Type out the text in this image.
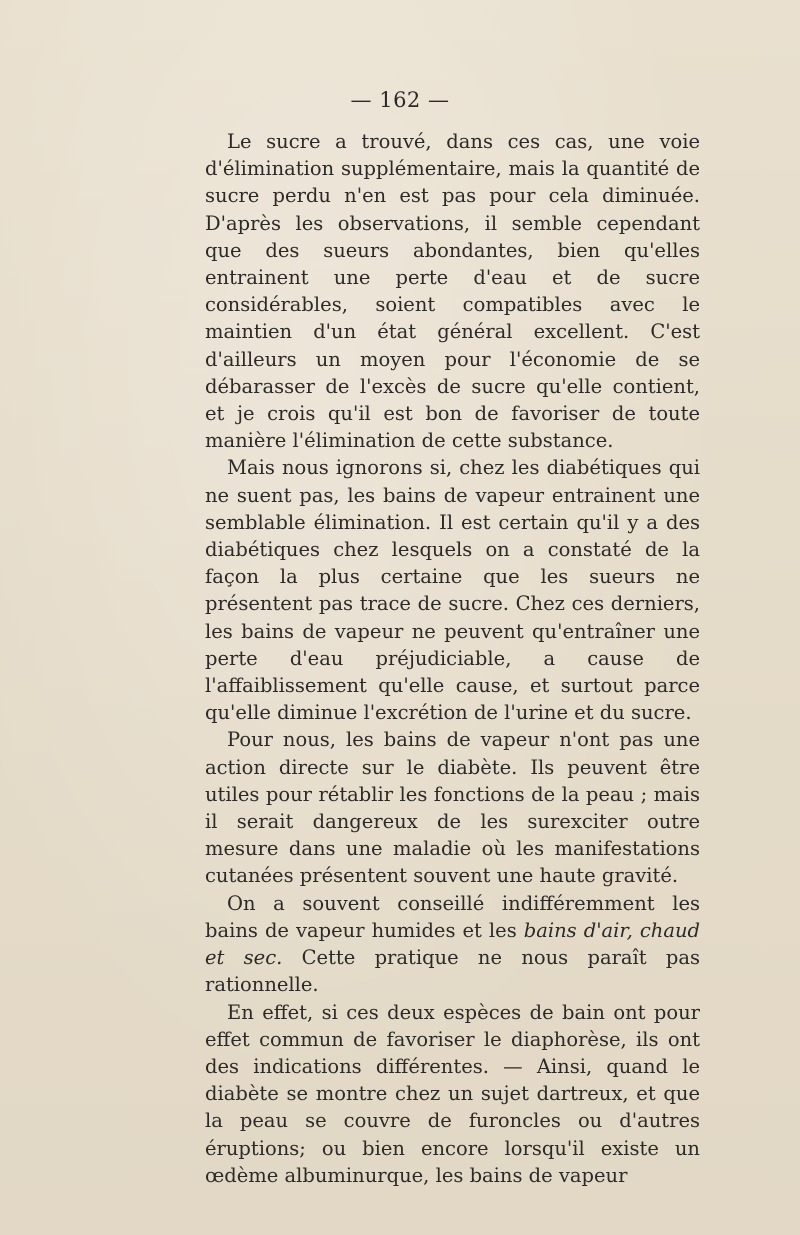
— 162 —

Le sucre a trouvé, dans ces cas, une voie d'élimination supplémentaire, mais la quantité de sucre perdu n'en est pas pour cela diminuée. D'après les observations, il semble cependant que des sueurs abondantes, bien qu'elles entrainent une perte d'eau et de sucre considérables, soient compatibles avec le maintien d'un état général excellent. C'est d'ailleurs un moyen pour l'économie de se débarasser de l'excès de sucre qu'elle contient, et je crois qu'il est bon de favoriser de toute manière l'élimination de cette substance.

Mais nous ignorons si, chez les diabétiques qui ne suent pas, les bains de vapeur entrainent une semblable élimination. Il est certain qu'il y a des diabétiques chez lesquels on a constaté de la façon la plus certaine que les sueurs ne présentent pas trace de sucre. Chez ces derniers, les bains de vapeur ne peuvent qu'entraîner une perte d'eau préjudiciable, a cause de l'affaiblissement qu'elle cause, et surtout parce qu'elle diminue l'excrétion de l'urine et du sucre.

Pour nous, les bains de vapeur n'ont pas une action directe sur le diabète. Ils peuvent être utiles pour rétablir les fonctions de la peau ; mais il serait dangereux de les surexciter outre mesure dans une maladie où les manifestations cutanées présentent souvent une haute gravité.

On a souvent conseillé indifféremment les bains de vapeur humides et les bains d'air, chaud et sec. Cette pratique ne nous paraît pas rationnelle.

En effet, si ces deux espèces de bain ont pour effet commun de favoriser le diaphorèse, ils ont des indications différentes. — Ainsi, quand le diabète se montre chez un sujet dartreux, et que la peau se couvre de furoncles ou d'autres éruptions; ou bien encore lorsqu'il existe un œdème albuminurque, les bains de vapeur
